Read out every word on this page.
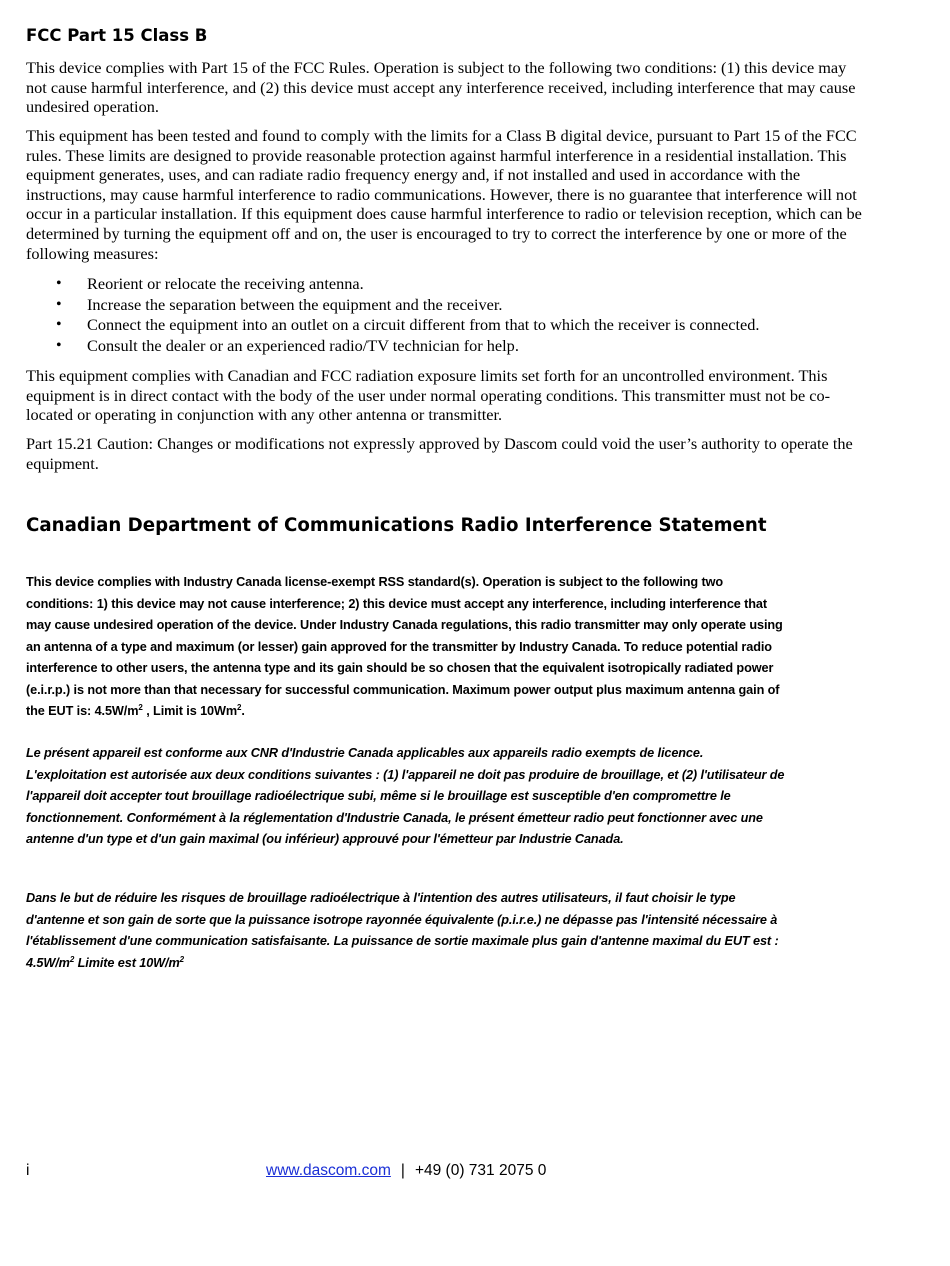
FCC Part 15 Class B

This device complies with Part 15 of the FCC Rules. Operation is subject to the following two conditions: (1) this device may not cause harmful interference, and (2) this device must accept any interference received, including interference that may cause undesired operation.

This equipment has been tested and found to comply with the limits for a Class B digital device, pursuant to Part 15 of the FCC rules. These limits are designed to provide reasonable protection against harmful interference in a residential installation. This equipment generates, uses, and can radiate radio frequency energy and, if not installed and used in accordance with the instructions, may cause harmful interference to radio communications. However, there is no guarantee that interference will not occur in a particular installation. If this equipment does cause harmful interference to radio or television reception, which can be determined by turning the equipment off and on, the user is encouraged to try to correct the interference by one or more of the following measures:

• Reorient or relocate the receiving antenna.
• Increase the separation between the equipment and the receiver.
• Connect the equipment into an outlet on a circuit different from that to which the receiver is connected.
• Consult the dealer or an experienced radio/TV technician for help.

This equipment complies with Canadian and FCC radiation exposure limits set forth for an uncontrolled environment. This equipment is in direct contact with the body of the user under normal operating conditions. This transmitter must not be co-located or operating in conjunction with any other antenna or transmitter.

Part 15.21 Caution: Changes or modifications not expressly approved by Dascom could void the user’s authority to operate the equipment.

Canadian Department of Communications Radio Interference Statement

This device complies with Industry Canada license-exempt RSS standard(s). Operation is subject to the following two conditions: 1) this device may not cause interference; 2) this device must accept any interference, including interference that may cause undesired operation of the device. Under Industry Canada regulations, this radio transmitter may only operate using an antenna of a type and maximum (or lesser) gain approved for the transmitter by Industry Canada. To reduce potential radio interference to other users, the antenna type and its gain should be so chosen that the equivalent isotropically radiated power (e.i.r.p.) is not more than that necessary for successful communication. Maximum power output plus maximum antenna gain of the EUT is: $4.5W/m^2$ , Limit is 10Wm$^2$.

Le présent appareil est conforme aux CNR d'Industrie Canada applicables aux appareils radio exempts de licence. L'exploitation est autorisée aux deux conditions suivantes : (1) l'appareil ne doit pas produire de brouillage, et (2) l'utilisateur de l'appareil doit accepter tout brouillage radioélectrique subi, même si le brouillage est susceptible d'en compromettre le fonctionnement. Conformément à la réglementation d'Industrie Canada, le présent émetteur radio peut fonctionner avec une antenne d'un type et d'un gain maximal (ou inférieur) approuvé pour l'émetteur par Industrie Canada.

Dans le but de réduire les risques de brouillage radioélectrique à l'intention des autres utilisateurs, il faut choisir le type d'antenne et son gain de sorte que la puissance isotrope rayonnée équivalente (p.i.r.e.) ne dépasse pas l'intensité nécessaire à l'établissement d'une communication satisfaisante. La puissance de sortie maximale plus gain d'antenne maximal du EUT est : $4.5W/m^2$ Limite est $10W/m^2$

i	www.dascom.com | +49 (0) 731 2075 0
